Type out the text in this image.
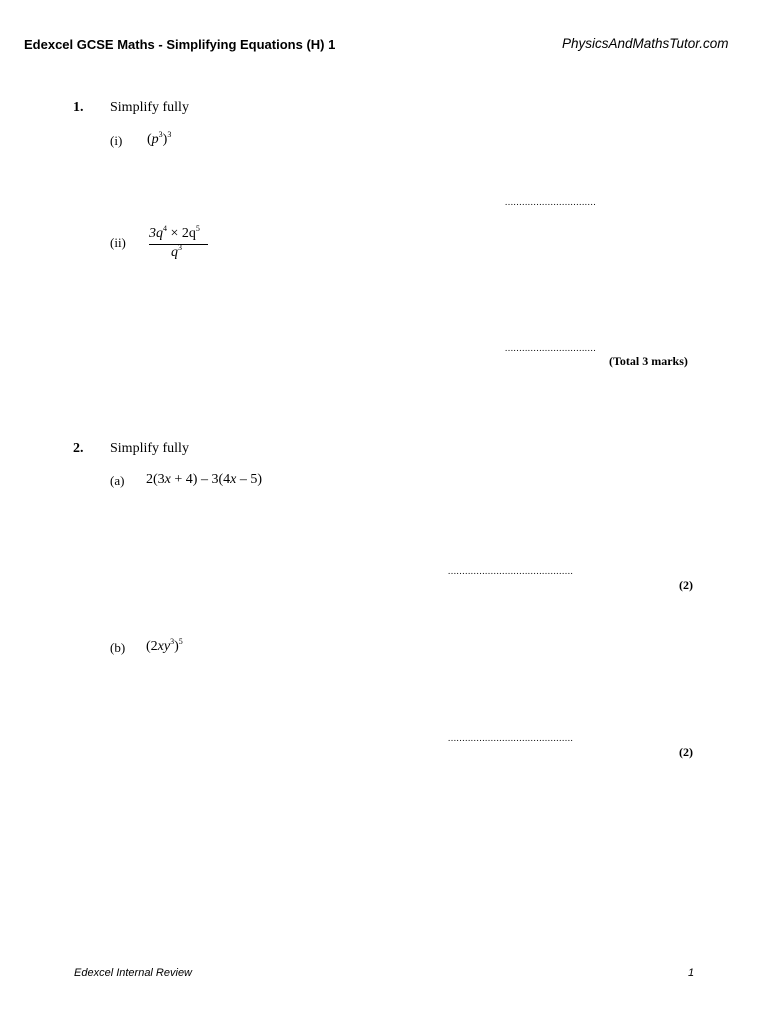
Edexcel GCSE Maths - Simplifying Equations (H) 1	PhysicsAndMathsTutor.com
1. Simplify fully
(i) $(p^3)^3$
................................
(ii)
$3q^4 \times 2q^5$
$q^3$
................................
(Total 3 marks)
2. Simplify fully
(a) 2(3x + 4) – 3(4x – 5)
............................................
(2)
(b) $(2xy^3)^5$
............................................
(2)
Edexcel Internal Review	1
